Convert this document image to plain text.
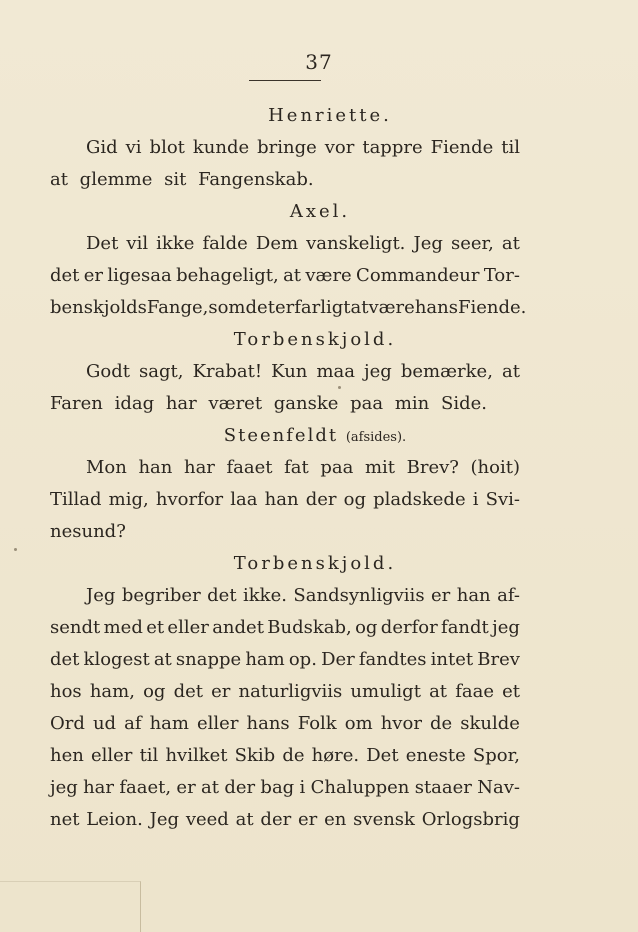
37
Henriette.
Gid vi blot kunde bringe vor tappre Fiende til
at glemme sit Fangenskab.
Axel.
Det vil ikke falde Dem vanskeligt. Jeg seer, at
det er ligesaa behageligt, at være Commandeur Tor-
benskjolds Fange, som det er farligt at være hans Fiende.
Torbenskjold.
Godt sagt, Krabat! Kun maa jeg bemærke, at
Faren idag har været ganske paa min Side.
Steenfeldt (afsides).
Mon han har faaet fat paa mit Brev? (hoit)
Tillad mig, hvorfor laa han der og pladskede i Svi-
nesund?
Torbenskjold.
Jeg begriber det ikke. Sandsynligviis er han af-
sendt med et eller andet Budskab, og derfor fandt jeg
det klogest at snappe ham op. Der fandtes intet Brev
hos ham, og det er naturligviis umuligt at faae et
Ord ud af ham eller hans Folk om hvor de skulde
hen eller til hvilket Skib de høre. Det eneste Spor,
jeg har faaet, er at der bag i Chaluppen staaer Nav-
net Leion. Jeg veed at der er en svensk Orlogsbrig
